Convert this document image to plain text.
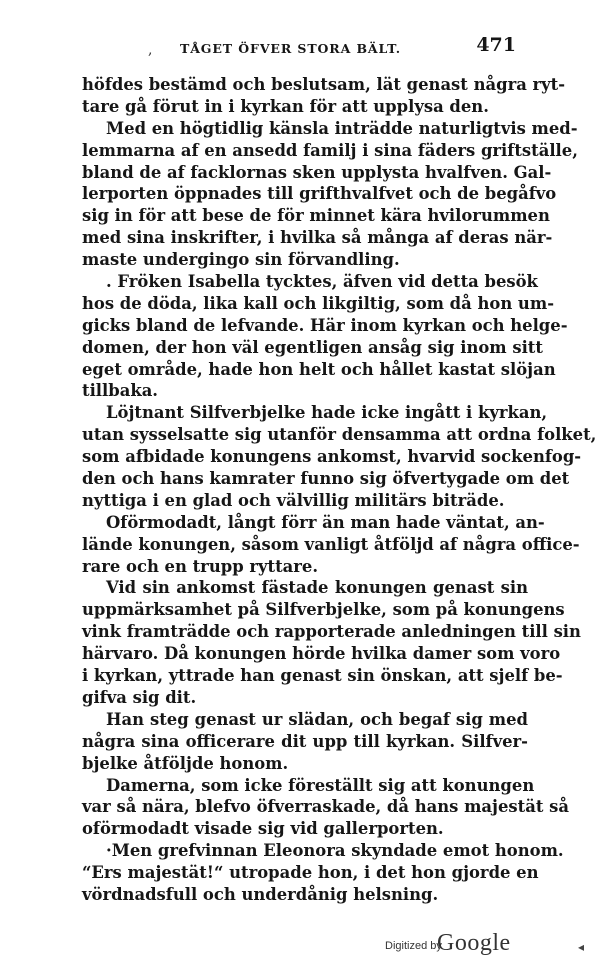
, TÅGET ÖFVER STORA BÄLT.	471
höfdes bestämd och beslutsam, lät genast några ryt-
tare gå förut in i kyrkan för att upplysa den.
Med en högtidlig känsla inträdde naturligtvis med-
lemmarna af en ansedd familj i sina fäders griftställe,
bland de af facklornas sken upplysta hvalfven. Gal-
lerporten öppnades till grifthvalfvet och de begåfvo
sig in för att bese de för minnet kära hvilorummen
med sina inskrifter, i hvilka så många af deras när-
maste undergingo sin förvandling.
. Fröken Isabella tycktes, äfven vid detta besök
hos de döda, lika kall och likgiltig, som då hon um-
gicks bland de lefvande. Här inom kyrkan och helge-
domen, der hon väl egentligen ansåg sig inom sitt
eget område, hade hon helt och hållet kastat slöjan
tillbaka.
Löjtnant Silfverbjelke hade icke ingått i kyrkan,
utan sysselsatte sig utanför densamma att ordna folket,
som afbidade konungens ankomst, hvarvid sockenfog-
den och hans kamrater funno sig öfvertygade om det
nyttiga i en glad och välvillig militärs biträde.
Oförmodadt, långt förr än man hade väntat, an-
lände konungen, såsom vanligt åtföljd af några officе-
rare och en trupp ryttare.
Vid sin ankomst fästade konungen genast sin
uppmärksamhet på Silfverbjelke, som på konungens
vink framträdde och rapporterade anledningen till sin
härvaro. Då konungen hörde hvilka damer som voro
i kyrkan, yttrade han genast sin önskan, att sjelf be-
gifva sig dit.
Han steg genast ur slädan, och begaf sig med
några sina officerare dit upp till kyrkan. Silfver-
bjelke åtföljde honom.
Damerna, som icke föreställt sig att konungen
var så nära, blefvo öfverraskade, då hans majestät så
oförmodadt visade sig vid gallerporten.
·Men grefvinnan Eleonora skyndade emot honom.
“Ers majestät!“ utropade hon, i det hon gjorde en
vördnadsfull och underdånig helsning.
Digitized by
Google	◂
